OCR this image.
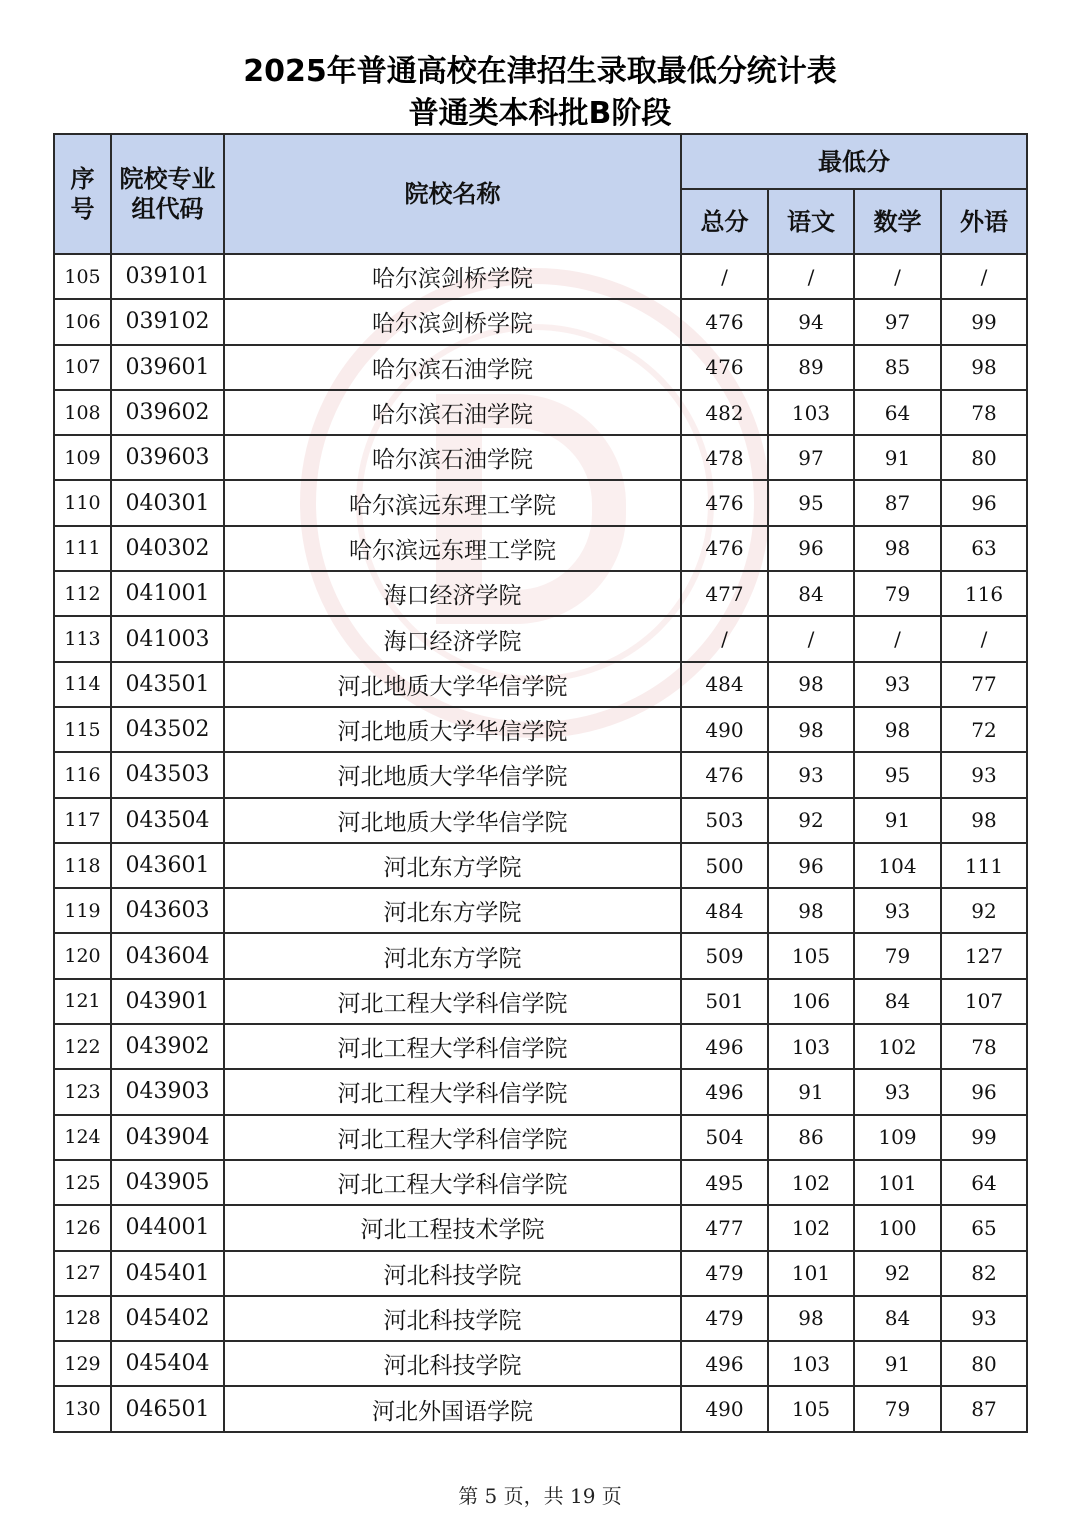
2025年普通高校在津招生录取最低分统计表
普通类本科批B阶段
序号	院校专业组代码	院校名称	最低分			
			总分	语文	数学	外语
105	039101	哈尔滨剑桥学院	/	/	/	/
106	039102	哈尔滨剑桥学院	476	94	97	99
107	039601	哈尔滨石油学院	476	89	85	98
108	039602	哈尔滨石油学院	482	103	64	78
109	039603	哈尔滨石油学院	478	97	91	80
110	040301	哈尔滨远东理工学院	476	95	87	96
111	040302	哈尔滨远东理工学院	476	96	98	63
112	041001	海口经济学院	477	84	79	116
113	041003	海口经济学院	/	/	/	/
114	043501	河北地质大学华信学院	484	98	93	77
115	043502	河北地质大学华信学院	490	98	98	72
116	043503	河北地质大学华信学院	476	93	95	93
117	043504	河北地质大学华信学院	503	92	91	98
118	043601	河北东方学院	500	96	104	111
119	043603	河北东方学院	484	98	93	92
120	043604	河北东方学院	509	105	79	127
121	043901	河北工程大学科信学院	501	106	84	107
122	043902	河北工程大学科信学院	496	103	102	78
123	043903	河北工程大学科信学院	496	91	93	96
124	043904	河北工程大学科信学院	504	86	109	99
125	043905	河北工程大学科信学院	495	102	101	64
126	044001	河北工程技术学院	477	102	100	65
127	045401	河北科技学院	479	101	92	82
128	045402	河北科技学院	479	98	84	93
129	045404	河北科技学院	496	103	91	80
130	046501	河北外国语学院	490	105	79	87
第 5 页，共 19 页
